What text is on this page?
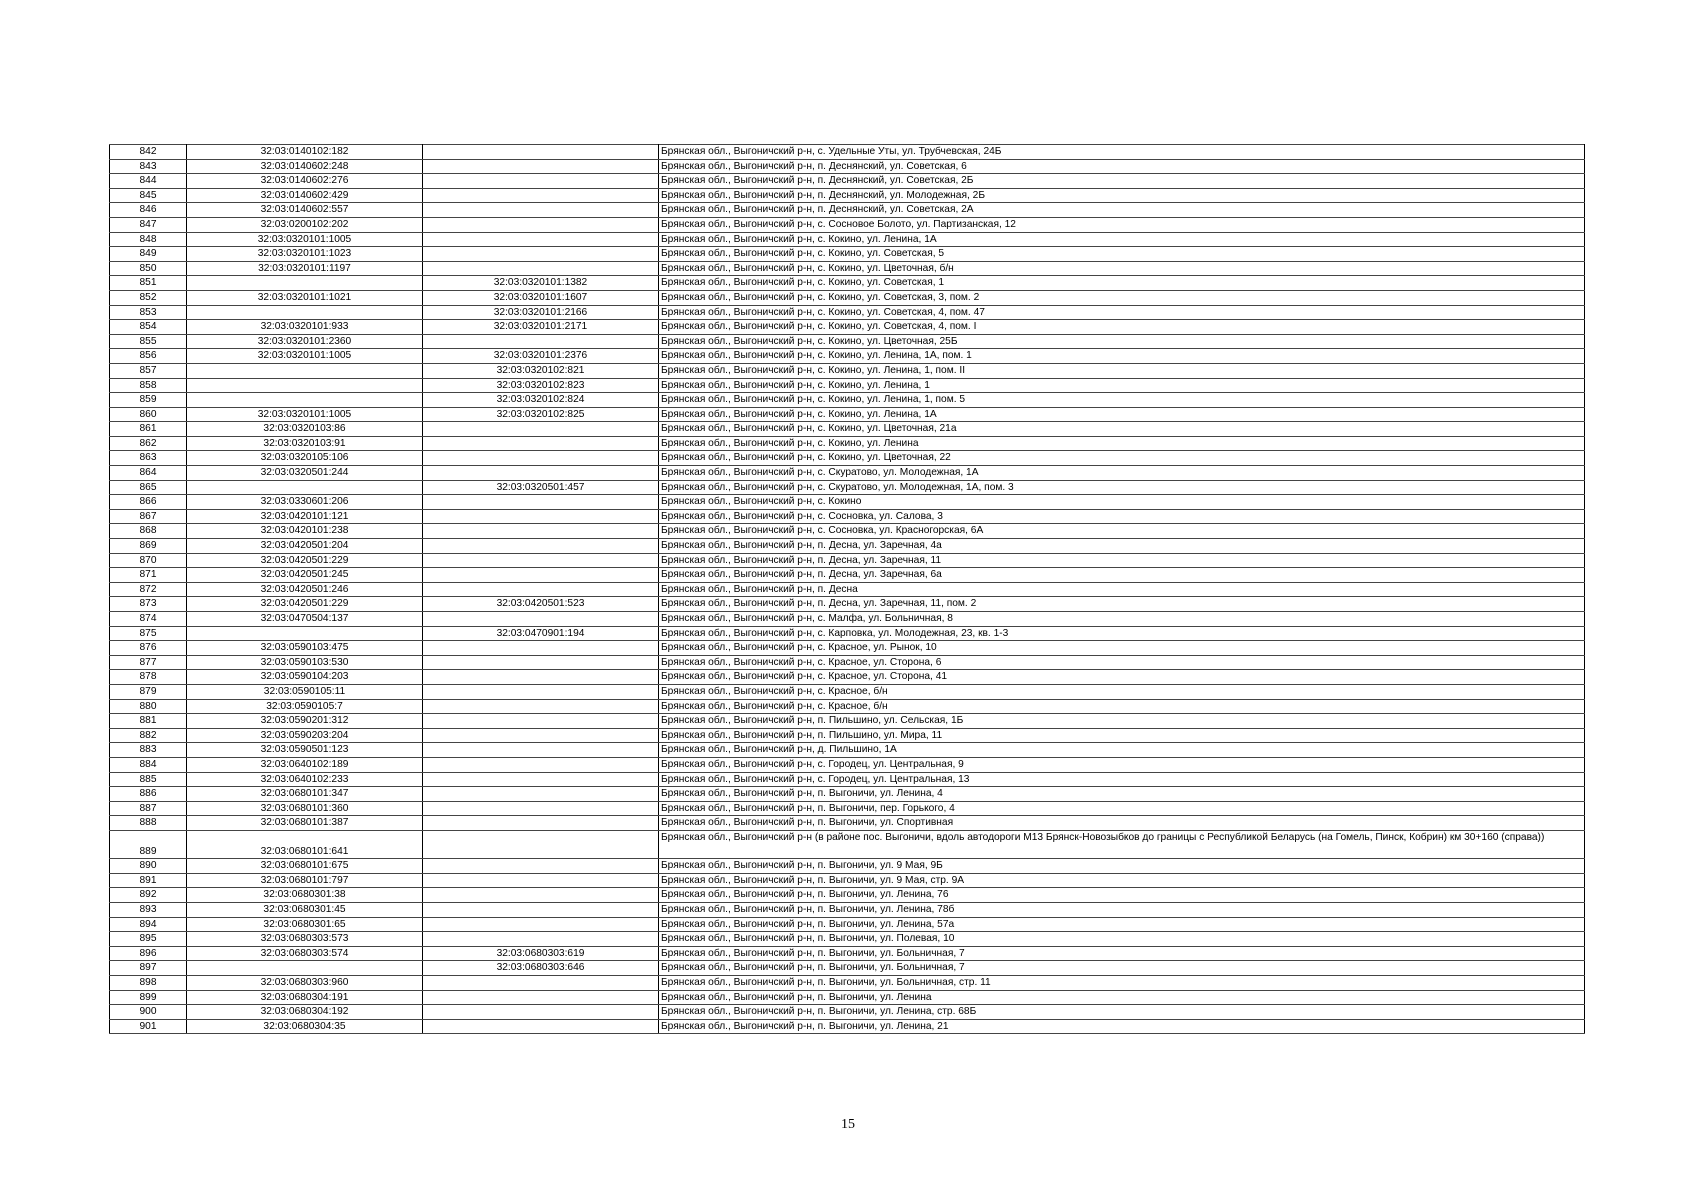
842	32:03:0140102:182		Брянская обл., Выгоничский р-н, с. Удельные Уты, ул. Трубчевская, 24Б
843	32:03:0140602:248		Брянская обл., Выгоничский р-н, п. Деснянский, ул. Советская, 6
844	32:03:0140602:276		Брянская обл., Выгоничский р-н, п. Деснянский, ул. Советская, 2Б
845	32:03:0140602:429		Брянская обл., Выгоничский р-н, п. Деснянский, ул. Молодежная, 2Б
846	32:03:0140602:557		Брянская обл., Выгоничский р-н, п. Деснянский, ул. Советская, 2А
847	32:03:0200102:202		Брянская обл., Выгоничский р-н, с. Сосновое Болото, ул. Партизанская, 12
848	32:03:0320101:1005		Брянская обл., Выгоничский р-н, с. Кокино, ул. Ленина, 1А
849	32:03:0320101:1023		Брянская обл., Выгоничский р-н, с. Кокино, ул. Советская, 5
850	32:03:0320101:1197		Брянская обл., Выгоничский р-н, с. Кокино, ул. Цветочная, б/н
851		32:03:0320101:1382	Брянская обл., Выгоничский р-н, с. Кокино, ул. Советская, 1
852	32:03:0320101:1021	32:03:0320101:1607	Брянская обл., Выгоничский р-н, с. Кокино, ул. Советская, 3, пом. 2
853		32:03:0320101:2166	Брянская обл., Выгоничский р-н, с. Кокино, ул. Советская, 4, пом. 47
854	32:03:0320101:933	32:03:0320101:2171	Брянская обл., Выгоничский р-н, с. Кокино, ул. Советская, 4, пом. I
855	32:03:0320101:2360		Брянская обл., Выгоничский р-н, с. Кокино, ул. Цветочная, 25Б
856	32:03:0320101:1005	32:03:0320101:2376	Брянская обл., Выгоничский р-н, с. Кокино, ул. Ленина, 1А, пом. 1
857		32:03:0320102:821	Брянская обл., Выгоничский р-н, с. Кокино, ул. Ленина, 1, пом. II
858		32:03:0320102:823	Брянская обл., Выгоничский р-н, с. Кокино, ул. Ленина, 1
859		32:03:0320102:824	Брянская обл., Выгоничский р-н, с. Кокино, ул. Ленина, 1, пом. 5
860	32:03:0320101:1005	32:03:0320102:825	Брянская обл., Выгоничский р-н, с. Кокино, ул. Ленина, 1А
861	32:03:0320103:86		Брянская обл., Выгоничский р-н, с. Кокино, ул. Цветочная, 21а
862	32:03:0320103:91		Брянская обл., Выгоничский р-н, с. Кокино, ул. Ленина
863	32:03:0320105:106		Брянская обл., Выгоничский р-н, с. Кокино, ул. Цветочная, 22
864	32:03:0320501:244		Брянская обл., Выгоничский р-н, с. Скуратово, ул. Молодежная, 1А
865		32:03:0320501:457	Брянская обл., Выгоничский р-н, с. Скуратово, ул. Молодежная, 1А, пом. 3
866	32:03:0330601:206		Брянская обл., Выгоничский р-н, с. Кокино
867	32:03:0420101:121		Брянская обл., Выгоничский р-н, с. Сосновка, ул. Салова, 3
868	32:03:0420101:238		Брянская обл., Выгоничский р-н, с. Сосновка, ул. Красногорская, 6А
869	32:03:0420501:204		Брянская обл., Выгоничский р-н, п. Десна, ул. Заречная, 4а
870	32:03:0420501:229		Брянская обл., Выгоничский р-н, п. Десна, ул. Заречная, 11
871	32:03:0420501:245		Брянская обл., Выгоничский р-н, п. Десна, ул. Заречная, 6а
872	32:03:0420501:246		Брянская обл., Выгоничский р-н, п. Десна
873	32:03:0420501:229	32:03:0420501:523	Брянская обл., Выгоничский р-н, п. Десна, ул. Заречная, 11, пом. 2
874	32:03:0470504:137		Брянская обл., Выгоничский р-н, с. Малфа, ул. Больничная, 8
875		32:03:0470901:194	Брянская обл., Выгоничский р-н, с. Карповка, ул. Молодежная, 23, кв. 1-3
876	32:03:0590103:475		Брянская обл., Выгоничский р-н, с. Красное, ул. Рынок, 10
877	32:03:0590103:530		Брянская обл., Выгоничский р-н, с. Красное, ул. Сторона, 6
878	32:03:0590104:203		Брянская обл., Выгоничский р-н, с. Красное, ул. Сторона, 41
879	32:03:0590105:11		Брянская обл., Выгоничский р-н, с. Красное, б/н
880	32:03:0590105:7		Брянская обл., Выгоничский р-н, с. Красное, б/н
881	32:03:0590201:312		Брянская обл., Выгоничский р-н, п. Пильшино, ул. Сельская, 1Б
882	32:03:0590203:204		Брянская обл., Выгоничский р-н, п. Пильшино, ул. Мира, 11
883	32:03:0590501:123		Брянская обл., Выгоничский р-н, д. Пильшино, 1А
884	32:03:0640102:189		Брянская обл., Выгоничский р-н, с. Городец, ул. Центральная, 9
885	32:03:0640102:233		Брянская обл., Выгоничский р-н, с. Городец, ул. Центральная, 13
886	32:03:0680101:347		Брянская обл., Выгоничский р-н, п. Выгоничи, ул. Ленина, 4
887	32:03:0680101:360		Брянская обл., Выгоничский р-н, п. Выгоничи, пер. Горького, 4
888	32:03:0680101:387		Брянская обл., Выгоничский р-н, п. Выгоничи, ул. Спортивная
889	32:03:0680101:641		Брянская обл., Выгоничский р-н (в районе пос. Выгоничи, вдоль автодороги М13 Брянск-Новозыбков до границы с Республикой Беларусь (на Гомель, Пинск, Кобрин) км 30+160 (справа))
890	32:03:0680101:675		Брянская обл., Выгоничский р-н, п. Выгоничи, ул. 9 Мая, 9Б
891	32:03:0680101:797		Брянская обл., Выгоничский р-н, п. Выгоничи, ул. 9 Мая, стр. 9А
892	32:03:0680301:38		Брянская обл., Выгоничский р-н, п. Выгоничи, ул. Ленина, 76
893	32:03:0680301:45		Брянская обл., Выгоничский р-н, п. Выгоничи, ул. Ленина, 78б
894	32:03:0680301:65		Брянская обл., Выгоничский р-н, п. Выгоничи, ул. Ленина, 57а
895	32:03:0680303:573		Брянская обл., Выгоничский р-н, п. Выгоничи, ул. Полевая, 10
896	32:03:0680303:574	32:03:0680303:619	Брянская обл., Выгоничский р-н, п. Выгоничи, ул. Больничная, 7
897		32:03:0680303:646	Брянская обл., Выгоничский р-н, п. Выгоничи, ул. Больничная, 7
898	32:03:0680303:960		Брянская обл., Выгоничский р-н, п. Выгоничи, ул. Больничная, стр. 11
899	32:03:0680304:191		Брянская обл., Выгоничский р-н, п. Выгоничи, ул. Ленина
900	32:03:0680304:192		Брянская обл., Выгоничский р-н, п. Выгоничи, ул. Ленина, стр. 68Б
901	32:03:0680304:35		Брянская обл., Выгоничский р-н, п. Выгоничи, ул. Ленина, 21
15
